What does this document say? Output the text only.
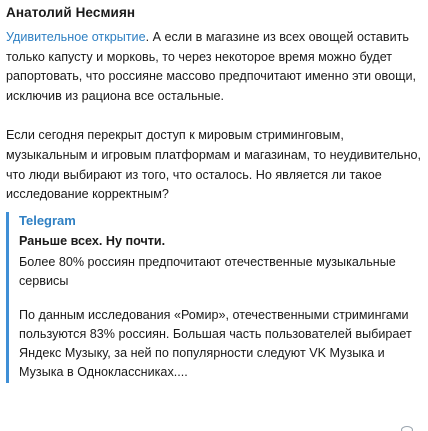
Анатолий Несмиян

Удивительное открытие. А если в магазине из всех овощей оставить только капусту и морковь, то через некоторое время можно будет рапортовать, что россияне массово предпочитают именно эти овощи, исключив из рациона все остальные.

Если сегодня перекрыт доступ к мировым стриминговым, музыкальным и игровым платформам и магазинам, то неудивительно, что люди выбирают из того, что осталось. Но является ли такое исследование корректным?

Telegram
Раньше всех. Ну почти.
Более 80% россиян предпочитают отечественные музыкальные сервисы
По данным исследования «Ромир», отечественными стримингами пользуются 83% россиян. Большая часть пользователей выбирает Яндекс Музыку, за ней по популярности следуют VK Музыка и Музыка в Одноклассниках....
